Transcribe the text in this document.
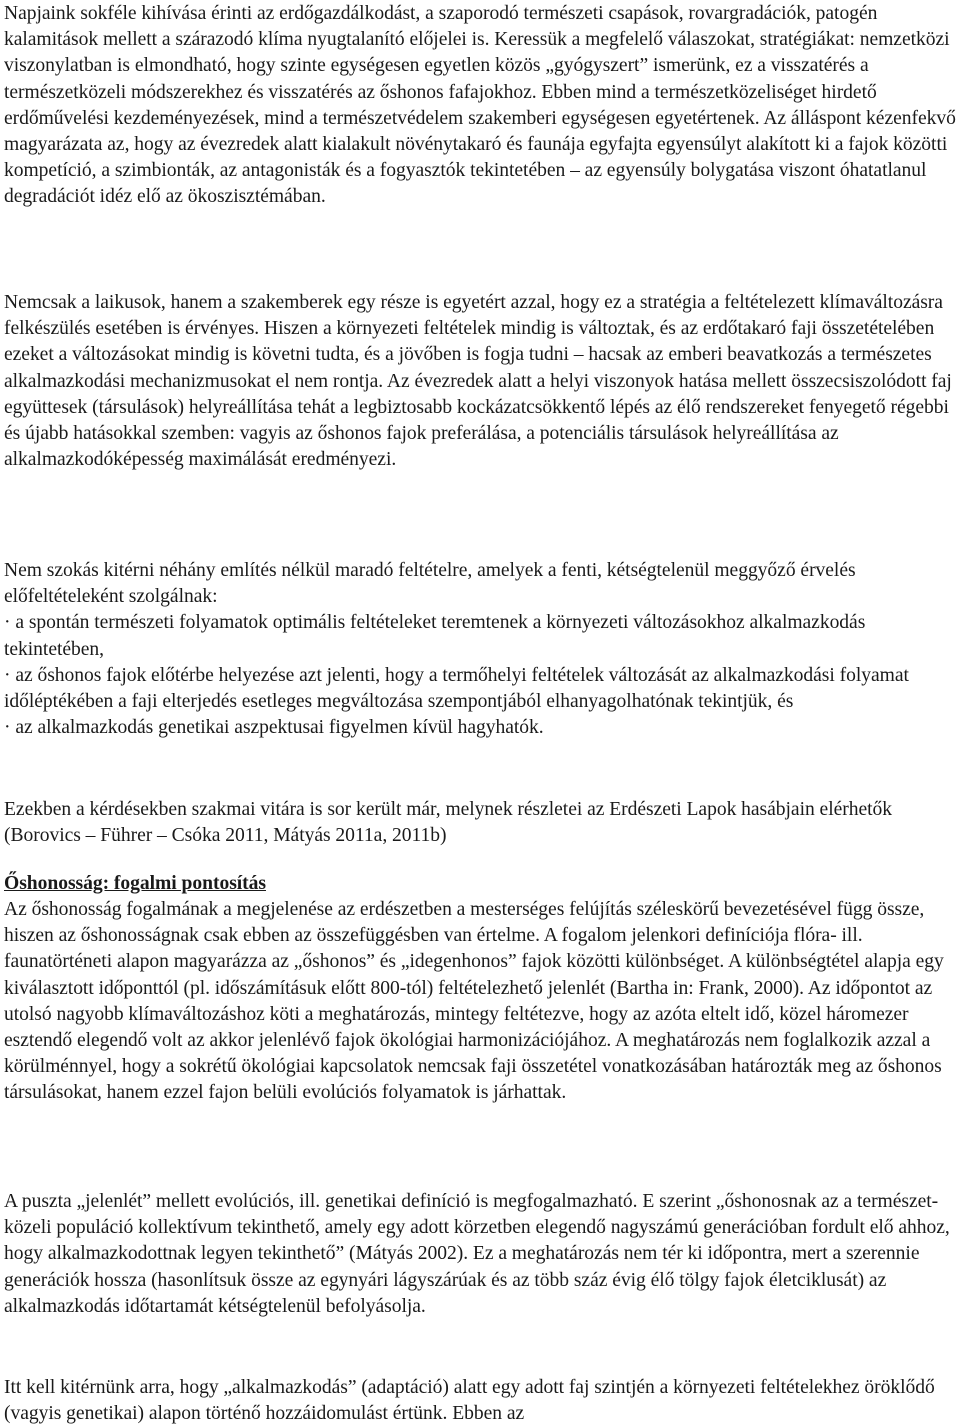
Napjaink sokféle kihívása érinti az erdőgazdálkodást, a szaporodó természeti csapások, rovargradációk, patogén kalamitások mellett a szárazodó klíma nyugtalanító előjelei is. Keressük a megfelelő válaszokat, stratégiákat: nemzetközi viszonylatban is elmondható, hogy szinte egységesen egyetlen közös „gyógyszert” ismerünk, ez a visszatérés a természetközeli módszerekhez és visszatérés az őshonos fafajokhoz. Ebben mind a természetközeliséget hirdető erdőművelési kezdeményezések, mind a természetvédelem szakemberi egységesen egyetértenek. Az álláspont kézenfekvő magyarázata az, hogy az évezredek alatt kialakult növénytakaró és faunája egyfajta egyensúlyt alakított ki a fajok közötti kompetíció, a szimbionták, az antagonisták és a fogyasztók tekintetében – az egyensúly bolygatása viszont óhatatlanul degradációt idéz elő az ökoszisztémában.

Nemcsak a laikusok, hanem a szakemberek egy része is egyetért azzal, hogy ez a stratégia a feltételezett klímaváltozásra felkészülés esetében is érvényes. Hiszen a környezeti feltételek mindig is változtak, és az erdőtakaró faji összetételében ezeket a változásokat mindig is követni tudta, és a jövőben is fogja tudni – hacsak az emberi beavatkozás a természetes alkalmazkodási mechanizmusokat el nem rontja. Az évezredek alatt a helyi viszonyok hatása mellett összecsiszolódott faj együttesek (társulások) helyreállítása tehát a legbiztosabb kockázatcsökkentő lépés az élő rendszereket fenyegető régebbi és újabb hatásokkal szemben: vagyis az őshonos fajok preferálása, a potenciális társulások helyreállítása az alkalmazkodóképesség maximálását eredményezi.

Nem szokás kitérni néhány említés nélkül maradó feltételre, amelyek a fenti, kétségtelenül meggyőző érvelés előfeltételeként szolgálnak:

· a spontán természeti folyamatok optimális feltételeket teremtenek a környezeti változásokhoz alkalmazkodás tekintetében,

· az őshonos fajok előtérbe helyezése azt jelenti, hogy a termőhelyi feltételek változását az alkalmazkodási folyamat időléptékében a faji elterjedés esetleges megváltozása szempontjából elhanyagolhatónak tekintjük, és

· az alkalmazkodás genetikai aszpektusai figyelmen kívül hagyhatók.

Ezekben a kérdésekben szakmai vitára is sor került már, melynek részletei az Erdészeti Lapok hasábjain elérhetők (Borovics – Führer – Csóka 2011, Mátyás 2011a, 2011b)

Őshonosság: fogalmi pontosítás

Az őshonosság fogalmának a megjelenése az erdészetben a mesterséges felújítás széleskörű bevezetésével függ össze, hiszen az őshonosságnak csak ebben az összefüggésben van értelme. A fogalom jelenkori definíciója flóra- ill. faunatörténeti alapon magyarázza az „őshonos” és „idegenhonos” fajok közötti különbséget. A különbségtétel alapja egy kiválasztott időponttól (pl. időszámításuk előtt 800-tól) feltételezhető jelenlét (Bartha in: Frank, 2000). Az időpontot az utolsó nagyobb klímaváltozáshoz köti a meghatározás, mintegy feltétezve, hogy az azóta eltelt idő, közel háromezer esztendő elegendő volt az akkor jelenlévő fajok ökológiai harmonizációjához. A meghatározás nem foglalkozik azzal a körülménnyel, hogy a sokrétű ökológiai kapcsolatok nemcsak faji összetétel vonatkozásában határozták meg az őshonos társulásokat, hanem ezzel fajon belüli evolúciós folyamatok is járhattak.

A puszta „jelenlét” mellett evolúciós, ill. genetikai definíció is megfogalmazható. E szerint „őshonosnak az a természet-közeli populáció kollektívum tekinthető, amely egy adott körzetben elegendő nagyszámú generációban fordult elő ahhoz, hogy alkalmazkodottnak legyen tekinthető” (Mátyás 2002). Ez a meghatározás nem tér ki időpontra, mert a szerennie generációk hossza (hasonlítsuk össze az egynyári lágyszárúak és az több száz évig élő tölgy fajok életciklusát) az alkalmazkodás időtartamát kétségtelenül befolyásolja.

Itt kell kitérnünk arra, hogy „alkalmazkodás” (adaptáció) alatt egy adott faj szintjén a környezeti feltételekhez öröklődő (vagyis genetikai) alapon történő hozzáidomulást értünk. Ebben az
